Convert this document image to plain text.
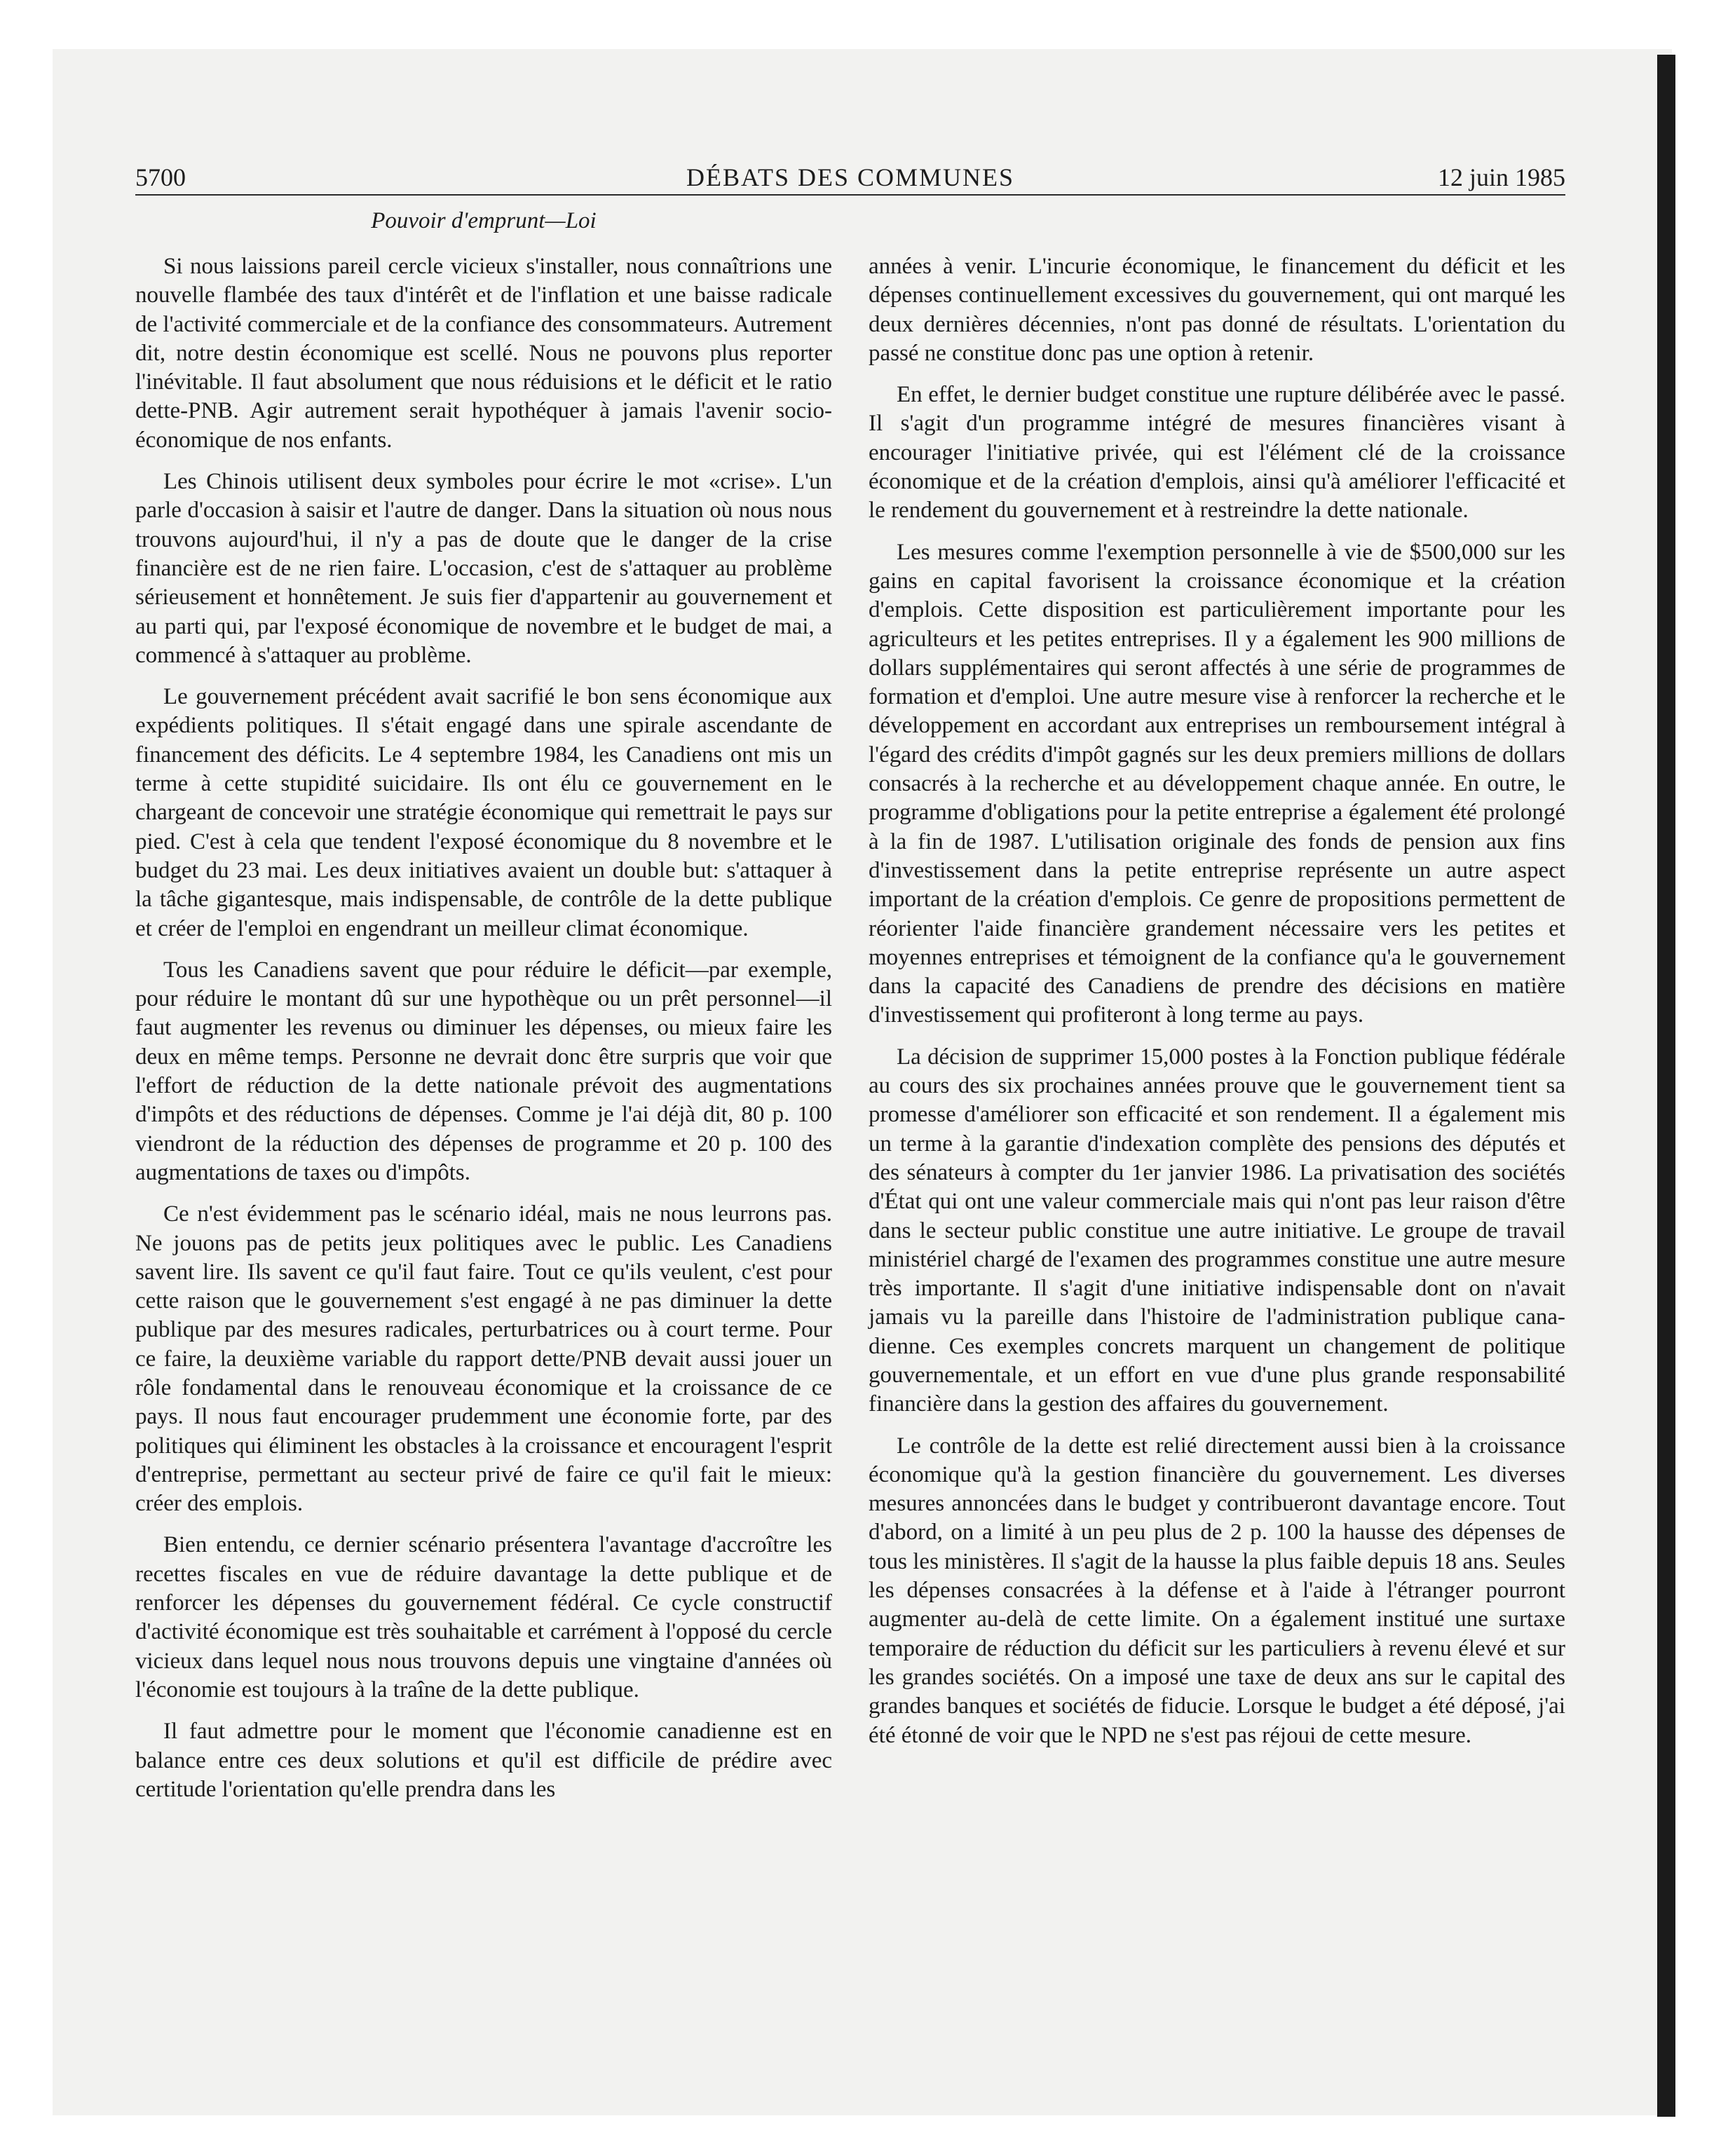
5700	DÉBATS DES COMMUNES	12 juin 1985
Pouvoir d'emprunt—Loi

Si nous laissions pareil cercle vicieux s'installer, nous connaîtrions une nouvelle flambée des taux d'intérêt et de l'inflation et une baisse radicale de l'activité commerciale et de la confiance des consommateurs. Autrement dit, notre destin économique est scellé. Nous ne pouvons plus reporter l'inévitable. Il faut absolument que nous réduisions et le déficit et le ratio dette-PNB. Agir autrement serait hypothéquer à jamais l'avenir socio-économique de nos enfants.

Les Chinois utilisent deux symboles pour écrire le mot «crise». L'un parle d'occasion à saisir et l'autre de danger. Dans la situation où nous nous trouvons aujourd'hui, il n'y a pas de doute que le danger de la crise financière est de ne rien faire. L'occasion, c'est de s'attaquer au problème sérieusement et honnêtement. Je suis fier d'appartenir au gouvernement et au parti qui, par l'exposé économique de novembre et le budget de mai, a commencé à s'attaquer au problème.

Le gouvernement précédent avait sacrifié le bon sens économique aux expédients politiques. Il s'était engagé dans une spirale ascendante de financement des déficits. Le 4 septembre 1984, les Canadiens ont mis un terme à cette stupidité suicidaire. Ils ont élu ce gouvernement en le chargeant de concevoir une stratégie économique qui remettrait le pays sur pied. C'est à cela que tendent l'exposé économique du 8 novembre et le budget du 23 mai. Les deux initiatives avaient un double but: s'attaquer à la tâche gigantesque, mais indispensable, de contrôle de la dette publique et créer de l'emploi en engendrant un meilleur climat économique.

Tous les Canadiens savent que pour réduire le déficit—par exemple, pour réduire le montant dû sur une hypothèque ou un prêt personnel—il faut augmenter les revenus ou diminuer les dépenses, ou mieux faire les deux en même temps. Personne ne devrait donc être surpris que voir que l'effort de réduction de la dette nationale prévoit des augmentations d'impôts et des réductions de dépenses. Comme je l'ai déjà dit, 80 p. 100 viendront de la réduction des dépenses de programme et 20 p. 100 des augmentations de taxes ou d'impôts.

Ce n'est évidemment pas le scénario idéal, mais ne nous leurrons pas. Ne jouons pas de petits jeux politiques avec le public. Les Canadiens savent lire. Ils savent ce qu'il faut faire. Tout ce qu'ils veulent, c'est pour cette raison que le gouvernement s'est engagé à ne pas diminuer la dette publique par des mesures radicales, perturbatrices ou à court terme. Pour ce faire, la deuxième variable du rapport dette/PNB devait aussi jouer un rôle fondamental dans le renouveau économique et la croissance de ce pays. Il nous faut encourager prudemment une économie forte, par des politiques qui éliminent les obstacles à la croissance et encouragent l'esprit d'entreprise, permettant au secteur privé de faire ce qu'il fait le mieux: créer des emplois.

Bien entendu, ce dernier scénario présentera l'avantage d'accroître les recettes fiscales en vue de réduire davantage la dette publique et de renforcer les dépenses du gouvernement fédéral. Ce cycle constructif d'activité économique est très souhaitable et carrément à l'opposé du cercle vicieux dans lequel nous nous trouvons depuis une vingtaine d'années où l'économie est toujours à la traîne de la dette publique.

Il faut admettre pour le moment que l'économie canadienne est en balance entre ces deux solutions et qu'il est difficile de prédire avec certitude l'orientation qu'elle prendra dans les

années à venir. L'incurie économique, le financement du déficit et les dépenses continuellement excessives du gouvernement, qui ont marqué les deux dernières décennies, n'ont pas donné de résultats. L'orientation du passé ne constitue donc pas une option à retenir.

En effet, le dernier budget constitue une rupture délibérée avec le passé. Il s'agit d'un programme intégré de mesures financières visant à encourager l'initiative privée, qui est l'élément clé de la croissance économique et de la création d'emplois, ainsi qu'à améliorer l'efficacité et le rendement du gouvernement et à restreindre la dette nationale.

Les mesures comme l'exemption personnelle à vie de $500,000 sur les gains en capital favorisent la croissance économique et la création d'emplois. Cette disposition est particulièrement importante pour les agriculteurs et les petites entreprises. Il y a également les 900 millions de dollars supplémentaires qui seront affectés à une série de programmes de formation et d'emploi. Une autre mesure vise à renforcer la recherche et le développement en accordant aux entreprises un remboursement intégral à l'égard des crédits d'impôt gagnés sur les deux premiers millions de dollars consacrés à la recherche et au développement chaque année. En outre, le programme d'obligations pour la petite entreprise a également été prolongé à la fin de 1987. L'utilisation originale des fonds de pension aux fins d'investissement dans la petite entreprise représente un autre aspect important de la création d'emplois. Ce genre de propositions permettent de réorienter l'aide financière grandement nécessaire vers les petites et moyennes entreprises et témoignent de la confiance qu'a le gouvernement dans la capacité des Canadiens de prendre des décisions en matière d'investissement qui profiteront à long terme au pays.

La décision de supprimer 15,000 postes à la Fonction publique fédérale au cours des six prochaines années prouve que le gouvernement tient sa promesse d'améliorer son efficacité et son rendement. Il a également mis un terme à la garantie d'indexation complète des pensions des députés et des sénateurs à compter du 1er janvier 1986. La privatisation des sociétés d'État qui ont une valeur commerciale mais qui n'ont pas leur raison d'être dans le secteur public constitue une autre initiative. Le groupe de travail ministériel chargé de l'examen des programmes constitue une autre mesure très importante. Il s'agit d'une initiative indispensable dont on n'avait jamais vu la pareille dans l'histoire de l'administration publique canadienne. Ces exemples concrets marquent un changement de politique gouvernementale, et un effort en vue d'une plus grande responsabilité financière dans la gestion des affaires du gouvernement.

Le contrôle de la dette est relié directement aussi bien à la croissance économique qu'à la gestion financière du gouvernement. Les diverses mesures annoncées dans le budget y contribueront davantage encore. Tout d'abord, on a limité à un peu plus de 2 p. 100 la hausse des dépenses de tous les ministères. Il s'agit de la hausse la plus faible depuis 18 ans. Seules les dépenses consacrées à la défense et à l'aide à l'étranger pourront augmenter au-delà de cette limite. On a également institué une surtaxe temporaire de réduction du déficit sur les particuliers à revenu élevé et sur les grandes sociétés. On a imposé une taxe de deux ans sur le capital des grandes banques et sociétés de fiducie. Lorsque le budget a été déposé, j'ai été étonné de voir que le NPD ne s'est pas réjoui de cette mesure.
